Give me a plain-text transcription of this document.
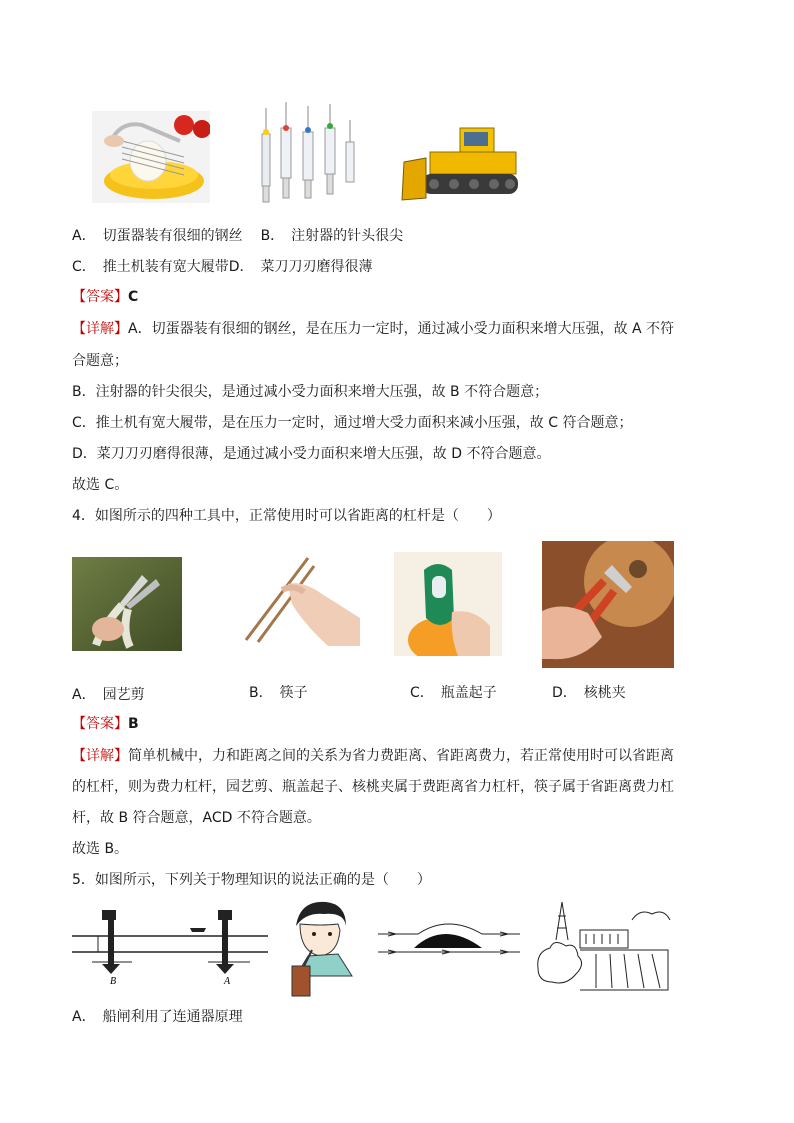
A．　切蛋器装有很细的钢丝 B．　注射器的针头很尖
C．　推土机装有宽大履带D．　菜刀刀刃磨得很薄
【答案】C
【详解】A．切蛋器装有很细的钢丝，是在压力一定时，通过减小受力面积来增大压强，故 A 不符
合题意；
B．注射器的针尖很尖，是通过减小受力面积来增大压强，故 B 不符合题意；
C．推土机有宽大履带，是在压力一定时，通过增大受力面积来减小压强，故 C 符合题意；
D．菜刀刀刃磨得很薄，是通过减小受力面积来增大压强，故 D 不符合题意。
故选 C。
4．如图所示的四种工具中，正常使用时可以省距离的杠杆是（　　）
A．　园艺剪	B．　筷子	C．　瓶盖起子	D．　核桃夹
【答案】B
【详解】简单机械中，力和距离之间的关系为省力费距离、省距离费力，若正常使用时可以省距离
的杠杆，则为费力杠杆，园艺剪、瓶盖起子、核桃夹属于费距离省力杠杆，筷子属于省距离费力杠
杆，故 B 符合题意，ACD 不符合题意。
故选 B。
5．如图所示，下列关于物理知识的说法正确的是（　　）
B	A
A．　船闸利用了连通器原理
